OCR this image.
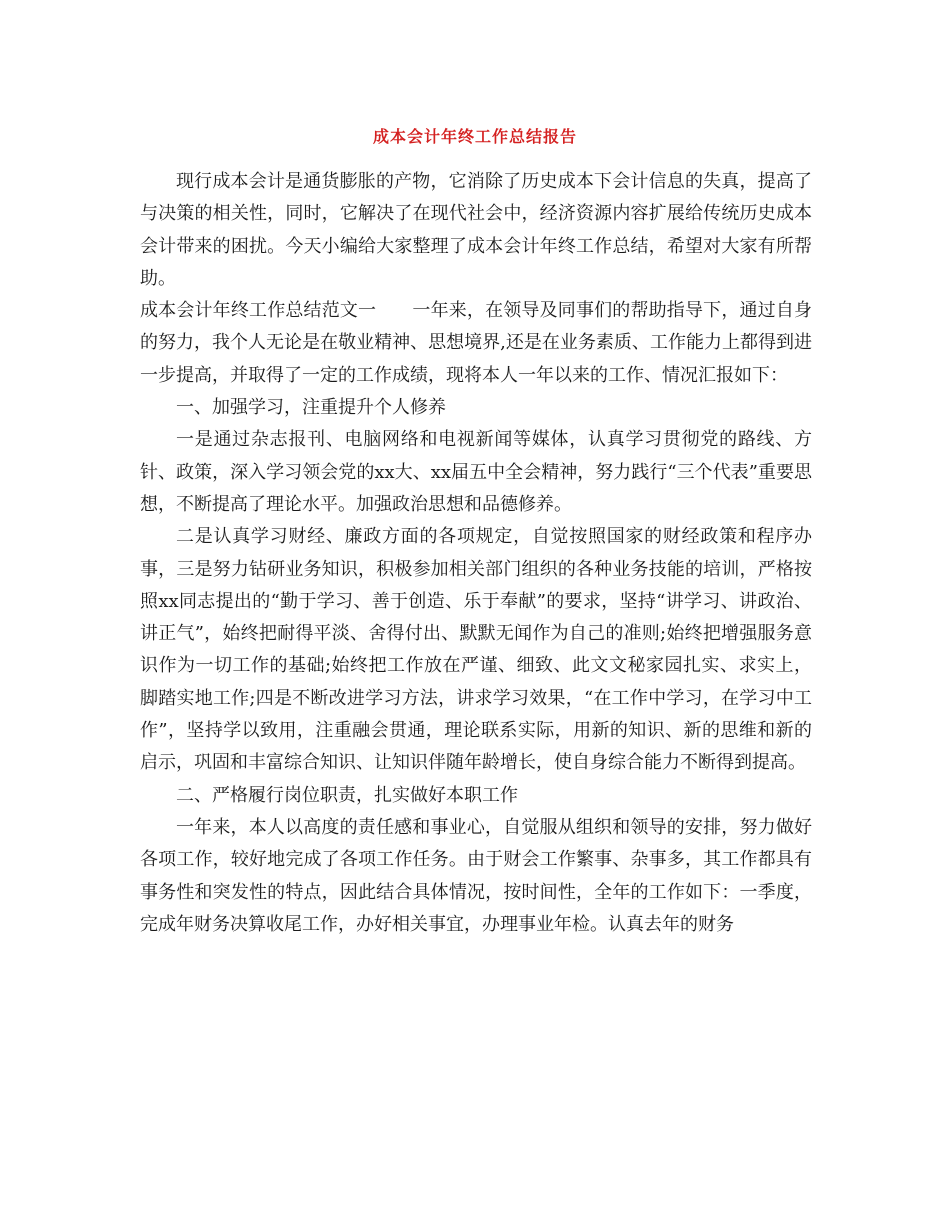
成本会计年终工作总结报告

现行成本会计是通货膨胀的产物，它消除了历史成本下会计信息的失真，提高了与决策的相关性，同时，它解决了在现代社会中，经济资源内容扩展给传统历史成本会计带来的困扰。今天小编给大家整理了成本会计年终工作总结，希望对大家有所帮助。

成本会计年终工作总结范文一 一年来，在领导及同事们的帮助指导下，通过自身的努力，我个人无论是在敬业精神、思想境界,还是在业务素质、工作能力上都得到进一步提高，并取得了一定的工作成绩，现将本人一年以来的工作、情况汇报如下：

一、加强学习，注重提升个人修养

一是通过杂志报刊、电脑网络和电视新闻等媒体，认真学习贯彻党的路线、方针、政策，深入学习领会党的xx大、xx届五中全会精神，努力践行“三个代表”重要思想，不断提高了理论水平。加强政治思想和品德修养。

二是认真学习财经、廉政方面的各项规定，自觉按照国家的财经政策和程序办事，三是努力钻研业务知识，积极参加相关部门组织的各种业务技能的培训，严格按照xx同志提出的“勤于学习、善于创造、乐于奉献”的要求，坚持“讲学习、讲政治、讲正气”，始终把耐得平淡、舍得付出、默默无闻作为自己的准则;始终把增强服务意识作为一切工作的基础;始终把工作放在严谨、细致、此文文秘家园扎实、求实上，脚踏实地工作;四是不断改进学习方法，讲求学习效果，“在工作中学习，在学习中工作”，坚持学以致用，注重融会贯通，理论联系实际，用新的知识、新的思维和新的启示，巩固和丰富综合知识、让知识伴随年龄增长，使自身综合能力不断得到提高。

二、严格履行岗位职责，扎实做好本职工作

一年来，本人以高度的责任感和事业心，自觉服从组织和领导的安排，努力做好各项工作，较好地完成了各项工作任务。由于财会工作繁事、杂事多，其工作都具有事务性和突发性的特点，因此结合具体情况，按时间性，全年的工作如下：一季度，完成年财务决算收尾工作，办好相关事宜，办理事业年检。认真去年的财务
